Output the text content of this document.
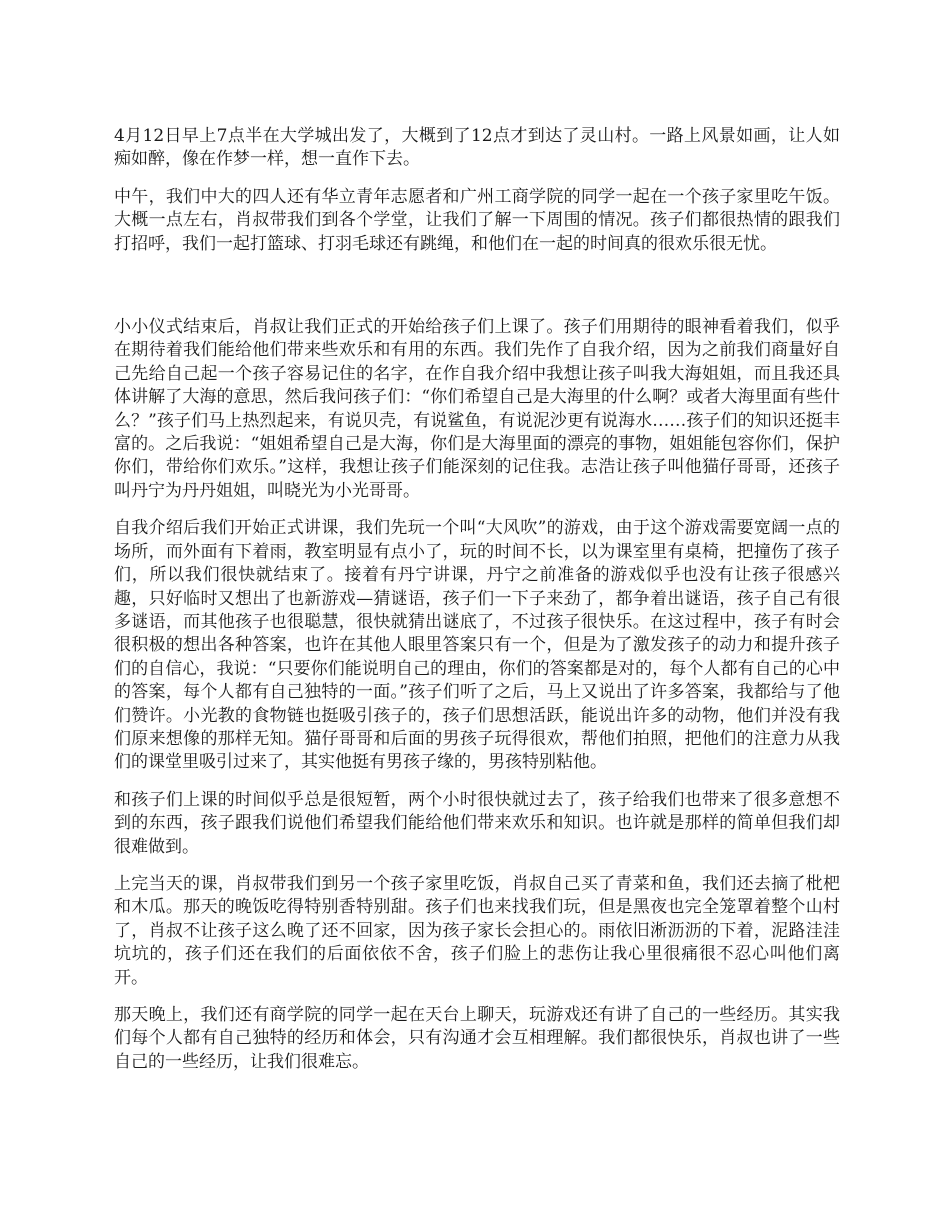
4月12日早上7点半在大学城出发了，大概到了12点才到达了灵山村。一路上风景如画，让人如痴如醉，像在作梦一样，想一直作下去。

中午，我们中大的四人还有华立青年志愿者和广州工商学院的同学一起在一个孩子家里吃午饭。大概一点左右，肖叔带我们到各个学堂，让我们了解一下周围的情况。孩子们都很热情的跟我们打招呼，我们一起打篮球、打羽毛球还有跳绳，和他们在一起的时间真的很欢乐很无忧。

小小仪式结束后，肖叔让我们正式的开始给孩子们上课了。孩子们用期待的眼神看着我们，似乎在期待着我们能给他们带来些欢乐和有用的东西。我们先作了自我介绍，因为之前我们商量好自己先给自己起一个孩子容易记住的名字，在作自我介绍中我想让孩子叫我大海姐姐，而且我还具体讲解了大海的意思，然后我问孩子们：“你们希望自己是大海里的什么啊？或者大海里面有些什么？”孩子们马上热烈起来，有说贝壳，有说鲨鱼，有说泥沙更有说海水……孩子们的知识还挺丰富的。之后我说：“姐姐希望自己是大海，你们是大海里面的漂亮的事物，姐姐能包容你们，保护你们，带给你们欢乐。”这样，我想让孩子们能深刻的记住我。志浩让孩子叫他猫仔哥哥，还孩子叫丹宁为丹丹姐姐，叫晓光为小光哥哥。

自我介绍后我们开始正式讲课，我们先玩一个叫“大风吹”的游戏，由于这个游戏需要宽阔一点的场所，而外面有下着雨，教室明显有点小了，玩的时间不长，以为课室里有桌椅，把撞伤了孩子们，所以我们很快就结束了。接着有丹宁讲课，丹宁之前准备的游戏似乎也没有让孩子很感兴趣，只好临时又想出了也新游戏—猜谜语，孩子们一下子来劲了，都争着出谜语，孩子自己有很多谜语，而其他孩子也很聪慧，很快就猜出谜底了，不过孩子很快乐。在这过程中，孩子有时会很积极的想出各种答案，也许在其他人眼里答案只有一个，但是为了激发孩子的动力和提升孩子们的自信心，我说：“只要你们能说明自己的理由，你们的答案都是对的，每个人都有自己的心中的答案，每个人都有自己独特的一面。”孩子们听了之后，马上又说出了许多答案，我都给与了他们赞许。小光教的食物链也挺吸引孩子的，孩子们思想活跃，能说出许多的动物，他们并没有我们原来想像的那样无知。猫仔哥哥和后面的男孩子玩得很欢，帮他们拍照，把他们的注意力从我们的课堂里吸引过来了，其实他挺有男孩子缘的，男孩特别粘他。

和孩子们上课的时间似乎总是很短暂，两个小时很快就过去了，孩子给我们也带来了很多意想不到的东西，孩子跟我们说他们希望我们能给他们带来欢乐和知识。也许就是那样的简单但我们却很难做到。

上完当天的课，肖叔带我们到另一个孩子家里吃饭，肖叔自己买了青菜和鱼，我们还去摘了枇杷和木瓜。那天的晚饭吃得特别香特别甜。孩子们也来找我们玩，但是黑夜也完全笼罩着整个山村了，肖叔不让孩子这么晚了还不回家，因为孩子家长会担心的。雨依旧淅沥沥的下着，泥路洼洼坑坑的，孩子们还在我们的后面依依不舍，孩子们脸上的悲伤让我心里很痛很不忍心叫他们离开。

那天晚上，我们还有商学院的同学一起在天台上聊天，玩游戏还有讲了自己的一些经历。其实我们每个人都有自己独特的经历和体会，只有沟通才会互相理解。我们都很快乐，肖叔也讲了一些自己的一些经历，让我们很难忘。
